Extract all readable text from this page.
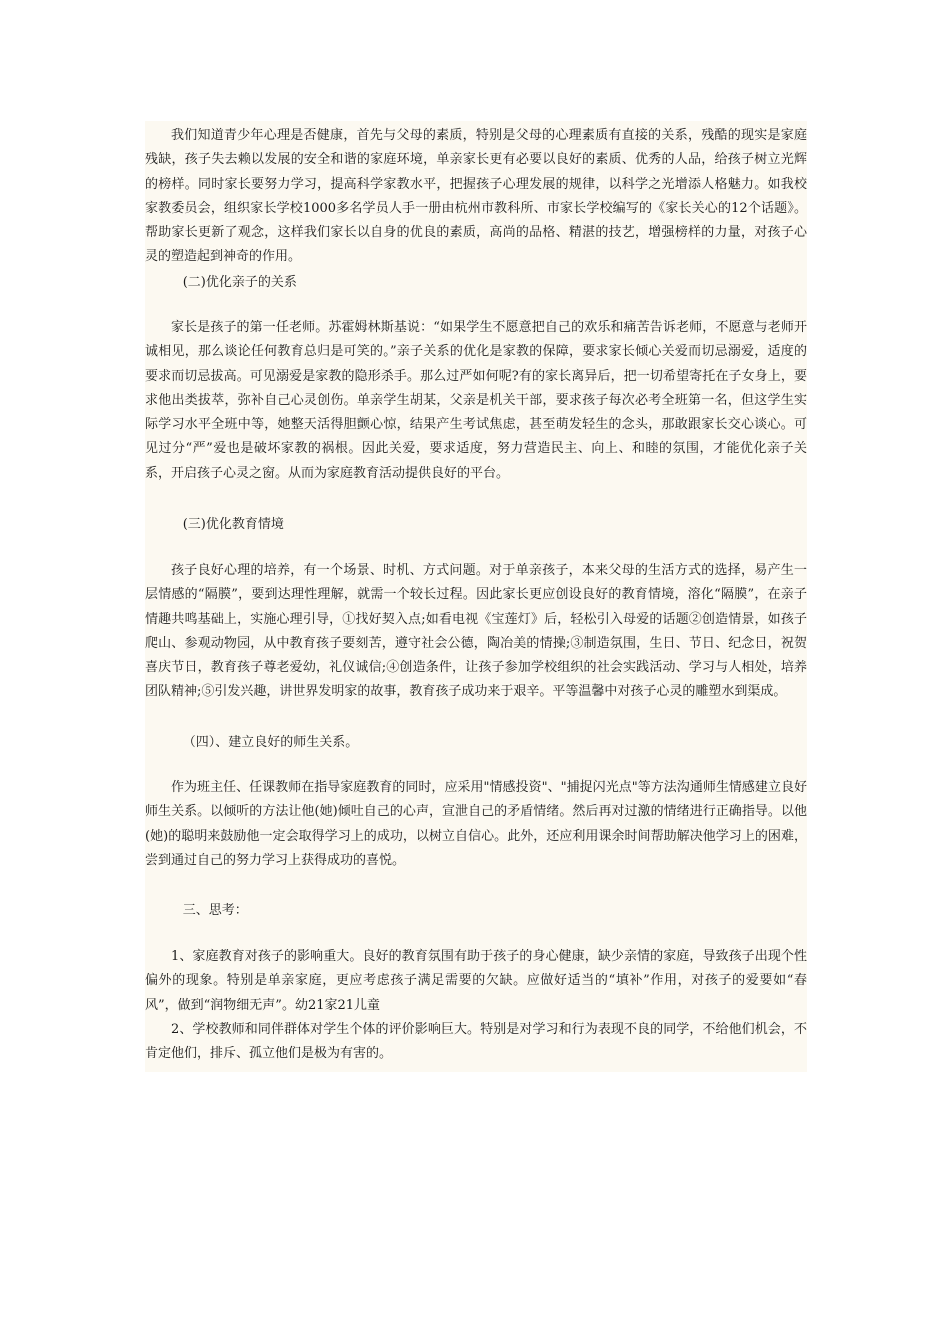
我们知道青少年心理是否健康，首先与父母的素质，特别是父母的心理素质有直接的关系，残酷的现实是家庭残缺，孩子失去赖以发展的安全和谐的家庭环境，单亲家长更有必要以良好的素质、优秀的人品，给孩子树立光辉的榜样。同时家长要努力学习，提高科学家教水平，把握孩子心理发展的规律，以科学之光增添人格魅力。如我校家教委员会，组织家长学校1000多名学员人手一册由杭州市教科所、市家长学校编写的《家长关心的12个话题》。帮助家长更新了观念，这样我们家长以自身的优良的素质，高尚的品格、精湛的技艺，增强榜样的力量，对孩子心灵的塑造起到神奇的作用。

(二)优化亲子的关系

家长是孩子的第一任老师。苏霍姆林斯基说：“如果学生不愿意把自己的欢乐和痛苦告诉老师，不愿意与老师开诚相见，那么谈论任何教育总归是可笑的。”亲子关系的优化是家教的保障，要求家长倾心关爱而切忌溺爱，适度的要求而切忌拔高。可见溺爱是家教的隐形杀手。那么过严如何呢?有的家长离异后，把一切希望寄托在子女身上，要求他出类拔萃，弥补自己心灵创伤。单亲学生胡某，父亲是机关干部，要求孩子每次必考全班第一名，但这学生实际学习水平全班中等，她整天活得胆颤心惊，结果产生考试焦虑，甚至萌发轻生的念头，那敢跟家长交心谈心。可见过分“严”爱也是破坏家教的祸根。因此关爱，要求适度，努力营造民主、向上、和睦的氛围，才能优化亲子关系，开启孩子心灵之窗。从而为家庭教育活动提供良好的平台。

(三)优化教育情境

孩子良好心理的培养，有一个场景、时机、方式问题。对于单亲孩子，本来父母的生活方式的选择，易产生一层情感的“隔膜”，要到达理性理解，就需一个较长过程。因此家长更应创设良好的教育情境，溶化“隔膜”，在亲子情趣共鸣基础上，实施心理引导，①找好契入点;如看电视《宝莲灯》后，轻松引入母爱的话题②创造情景，如孩子爬山、参观动物园，从中教育孩子要刻苦，遵守社会公德，陶冶美的情操;③制造氛围，生日、节日、纪念日，祝贺喜庆节日，教育孩子尊老爱幼，礼仪诚信;④创造条件，让孩子参加学校组织的社会实践活动、学习与人相处，培养团队精神;⑤引发兴趣，讲世界发明家的故事，教育孩子成功来于艰辛。平等温馨中对孩子心灵的雕塑水到渠成。

（四）、建立良好的师生关系。

作为班主任、任课教师在指导家庭教育的同时，应采用"情感投资"、"捕捉闪光点"等方法沟通师生情感建立良好师生关系。以倾听的方法让他(她)倾吐自己的心声，宣泄自己的矛盾情绪。然后再对过激的情绪进行正确指导。以他(她)的聪明来鼓励他一定会取得学习上的成功，以树立自信心。此外，还应利用课余时间帮助解决他学习上的困难，尝到通过自己的努力学习上获得成功的喜悦。

三、思考：

1、家庭教育对孩子的影响重大。良好的教育氛围有助于孩子的身心健康，缺少亲情的家庭，导致孩子出现个性偏外的现象。特别是单亲家庭，更应考虑孩子满足需要的欠缺。应做好适当的“填补”作用，对孩子的爱要如“春风”，做到“润物细无声”。幼21家21儿童

2、学校教师和同伴群体对学生个体的评价影响巨大。特别是对学习和行为表现不良的同学，不给他们机会，不肯定他们，排斥、孤立他们是极为有害的。
